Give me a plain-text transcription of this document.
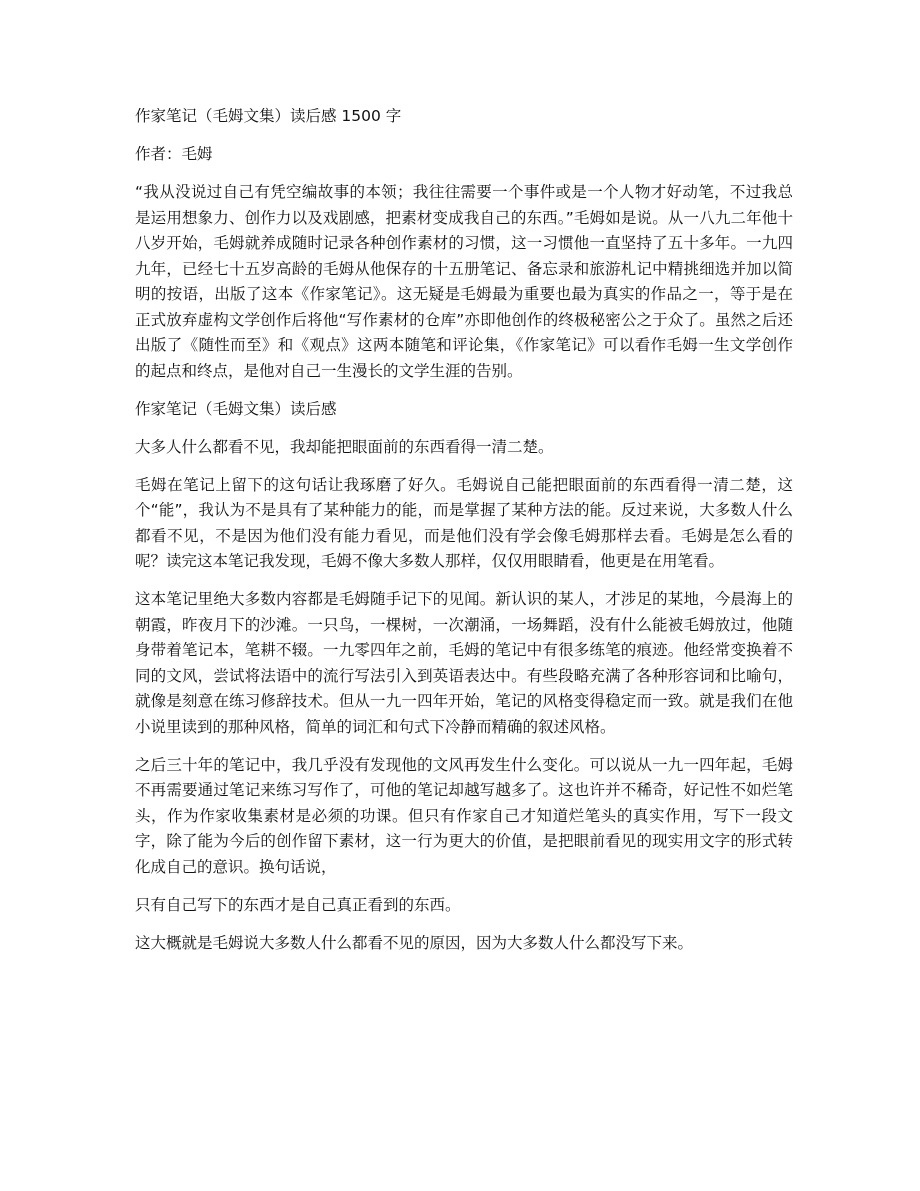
作家笔记（毛姆文集）读后感 1500 字

作者：毛姆

“我从没说过自己有凭空编故事的本领；我往往需要一个事件或是一个人物才好动笔，不过我总是运用想象力、创作力以及戏剧感，把素材变成我自己的东西。”毛姆如是说。从一八九二年他十八岁开始，毛姆就养成随时记录各种创作素材的习惯，这一习惯他一直坚持了五十多年。一九四九年，已经七十五岁高龄的毛姆从他保存的十五册笔记、备忘录和旅游札记中精挑细选并加以简明的按语，出版了这本《作家笔记》。这无疑是毛姆最为重要也最为真实的作品之一，等于是在正式放弃虚构文学创作后将他“写作素材的仓库”亦即他创作的终极秘密公之于众了。虽然之后还出版了《随性而至》和《观点》这两本随笔和评论集，《作家笔记》可以看作毛姆一生文学创作的起点和终点，是他对自己一生漫长的文学生涯的告别。

作家笔记（毛姆文集）读后感

大多人什么都看不见，我却能把眼面前的东西看得一清二楚。

毛姆在笔记上留下的这句话让我琢磨了好久。毛姆说自己能把眼面前的东西看得一清二楚，这个“能”，我认为不是具有了某种能力的能，而是掌握了某种方法的能。反过来说，大多数人什么都看不见，不是因为他们没有能力看见，而是他们没有学会像毛姆那样去看。毛姆是怎么看的呢？读完这本笔记我发现，毛姆不像大多数人那样，仅仅用眼睛看，他更是在用笔看。

这本笔记里绝大多数内容都是毛姆随手记下的见闻。新认识的某人，才涉足的某地，今晨海上的朝霞，昨夜月下的沙滩。一只鸟，一棵树，一次潮涌，一场舞蹈，没有什么能被毛姆放过，他随身带着笔记本，笔耕不辍。一九零四年之前，毛姆的笔记中有很多练笔的痕迹。他经常变换着不同的文风，尝试将法语中的流行写法引入到英语表达中。有些段略充满了各种形容词和比喻句，就像是刻意在练习修辞技术。但从一九一四年开始，笔记的风格变得稳定而一致。就是我们在他小说里读到的那种风格，简单的词汇和句式下冷静而精确的叙述风格。

之后三十年的笔记中，我几乎没有发现他的文风再发生什么变化。可以说从一九一四年起，毛姆不再需要通过笔记来练习写作了，可他的笔记却越写越多了。这也许并不稀奇，好记性不如烂笔头，作为作家收集素材是必须的功课。但只有作家自己才知道烂笔头的真实作用，写下一段文字，除了能为今后的创作留下素材，这一行为更大的价值，是把眼前看见的现实用文字的形式转化成自己的意识。换句话说，

只有自己写下的东西才是自己真正看到的东西。

这大概就是毛姆说大多数人什么都看不见的原因，因为大多数人什么都没写下来。
